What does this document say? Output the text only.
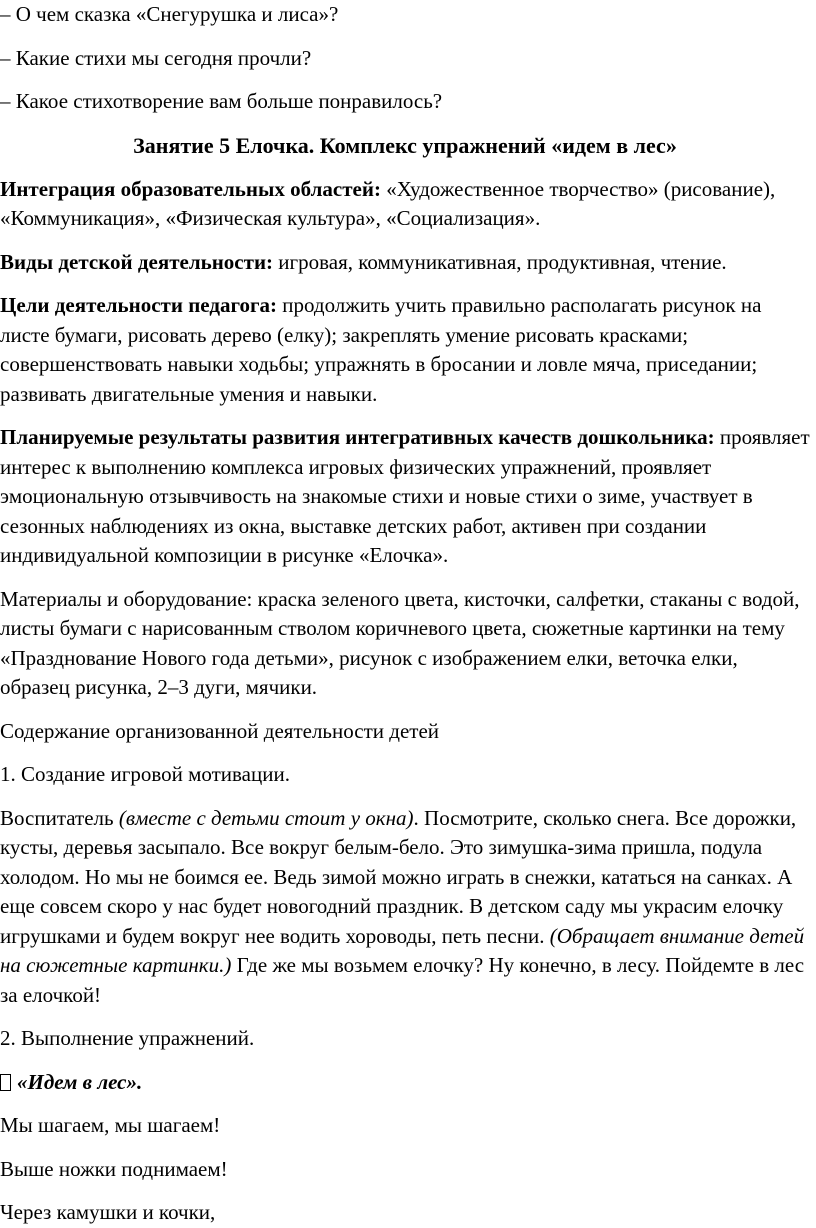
– О чем сказка «Снегурушка и лиса»?

– Какие стихи мы сегодня прочли?

– Какое стихотворение вам больше понравилось?

Занятие 5 Елочка. Комплекс упражнений «идем в лес»

Интеграция образовательных областей: «Художественное творчество» (рисование), «Коммуникация», «Физическая культура», «Социализация».

Виды детской деятельности: игровая, коммуникативная, продуктивная, чтение.

Цели деятельности педагога: продолжить учить правильно располагать рисунок на листе бумаги, рисовать дерево (елку); закреплять умение рисовать красками; совершенствовать навыки ходьбы; упражнять в бросании и ловле мяча, приседании; развивать двигательные умения и навыки.

Планируемые результаты развития интегративных качеств дошкольника: проявляет интерес к выполнению комплекса игровых физических упражнений, проявляет эмоциональную отзывчивость на знакомые стихи и новые стихи о зиме, участвует в сезонных наблюдениях из окна, выставке детских работ, активен при создании индивидуальной композиции в рисунке «Елочка».

Материалы и оборудование: краска зеленого цвета, кисточки, салфетки, стаканы с водой, листы бумаги с нарисованным стволом коричневого цвета, сюжетные картинки на тему «Празднование Нового года детьми», рисунок с изображением елки, веточка елки, образец рисунка, 2–3 дуги, мячики.

Содержание организованной деятельности детей

1. Создание игровой мотивации.

Воспитатель (вместе с детьми стоит у окна). Посмотрите, сколько снега. Все дорожки, кусты, деревья засыпало. Все вокруг белым-бело. Это зимушка-зима пришла, подула холодом. Но мы не боимся ее. Ведь зимой можно играть в снежки, кататься на санках. А еще совсем скоро у нас будет новогодний праздник. В детском саду мы украсим елочку игрушками и будем вокруг нее водить хороводы, петь песни. (Обращает внимание детей на сюжетные картинки.) Где же мы возьмем елочку? Ну конечно, в лесу. Пойдемте в лес за елочкой!

2. Выполнение упражнений.

«Идем в лес».

Мы шагаем, мы шагаем!

Выше ножки поднимаем!

Через камушки и кочки,
